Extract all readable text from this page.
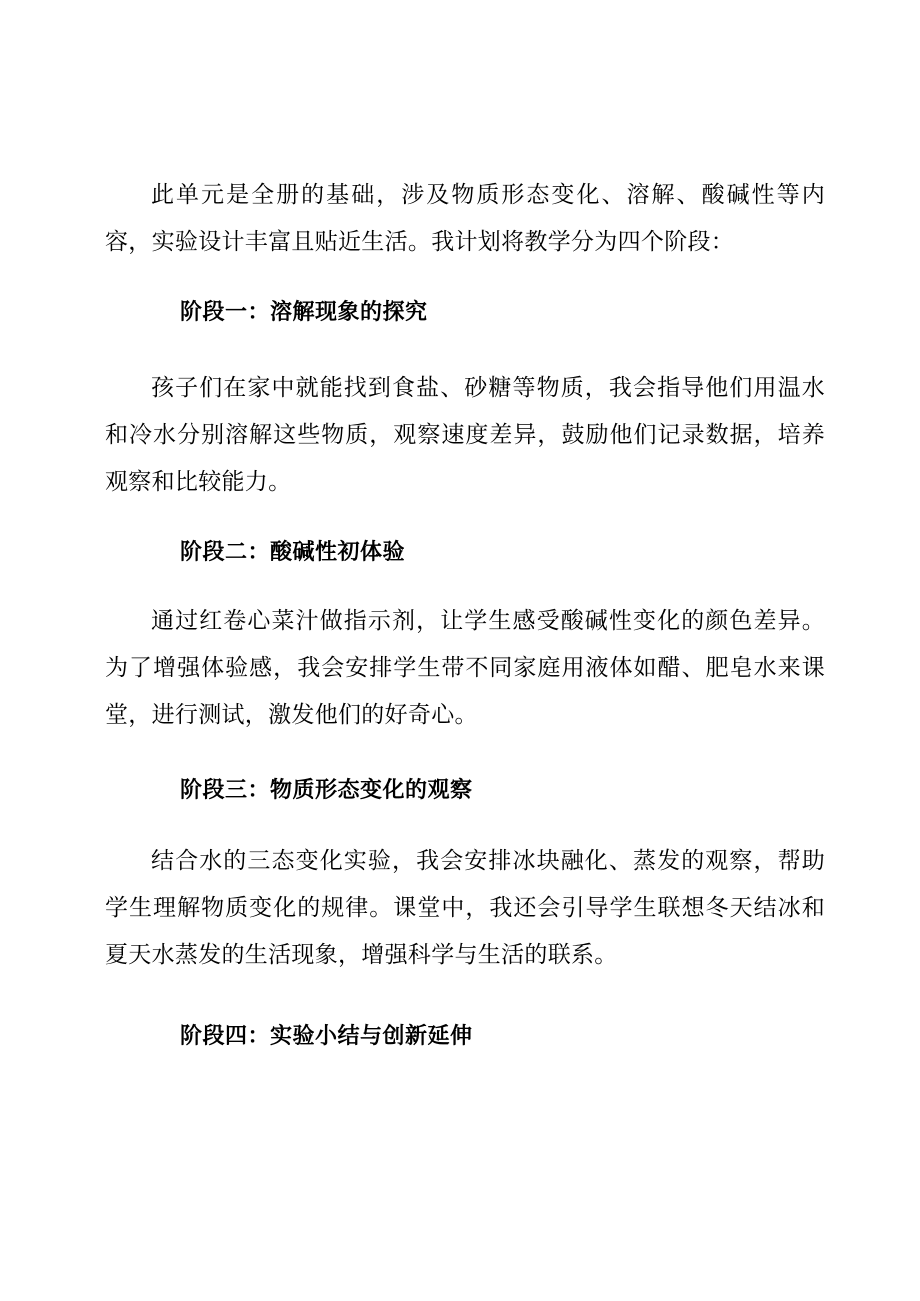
此单元是全册的基础，涉及物质形态变化、溶解、酸碱性等内容，实验设计丰富且贴近生活。我计划将教学分为四个阶段：

阶段一：溶解现象的探究

孩子们在家中就能找到食盐、砂糖等物质，我会指导他们用温水和冷水分别溶解这些物质，观察速度差异，鼓励他们记录数据，培养观察和比较能力。

阶段二：酸碱性初体验

通过红卷心菜汁做指示剂，让学生感受酸碱性变化的颜色差异。为了增强体验感，我会安排学生带不同家庭用液体如醋、肥皂水来课堂，进行测试，激发他们的好奇心。

阶段三：物质形态变化的观察

结合水的三态变化实验，我会安排冰块融化、蒸发的观察，帮助学生理解物质变化的规律。课堂中，我还会引导学生联想冬天结冰和夏天水蒸发的生活现象，增强科学与生活的联系。

阶段四：实验小结与创新延伸
